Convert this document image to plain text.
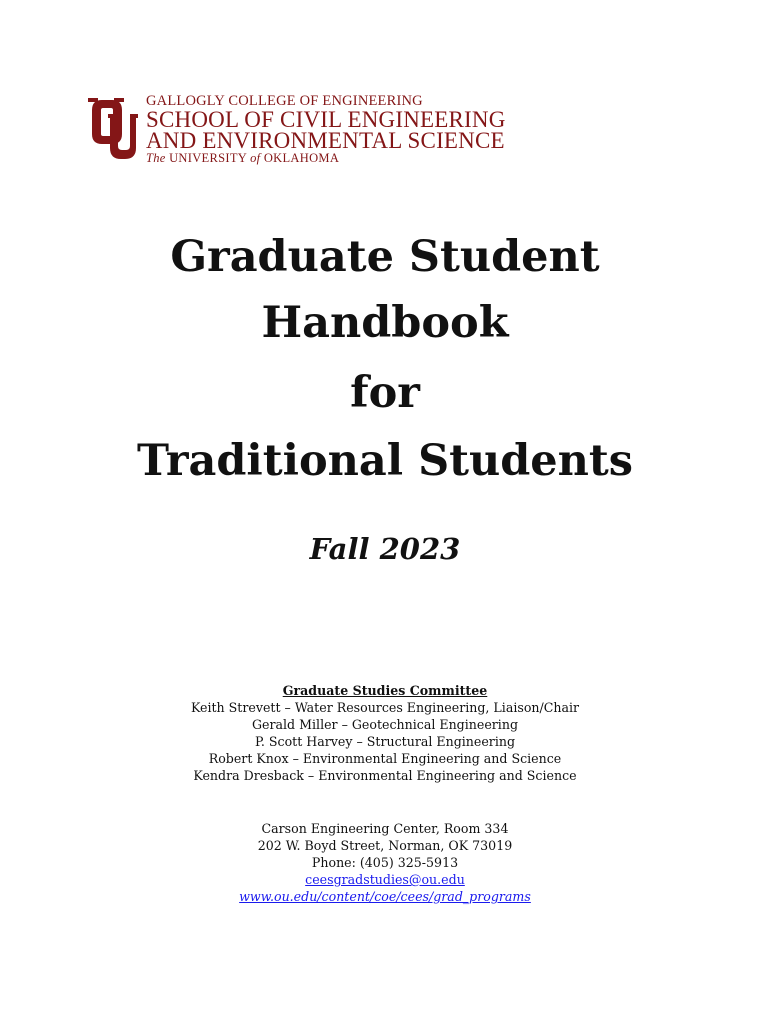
GALLOGLY COLLEGE OF ENGINEERING
SCHOOL OF CIVIL ENGINEERING
AND ENVIRONMENTAL SCIENCE
The UNIVERSITY of OKLAHOMA
Graduate Student
Handbook
for
Traditional Students
Fall 2023
Graduate Studies Committee
Keith Strevett – Water Resources Engineering, Liaison/Chair
Gerald Miller – Geotechnical Engineering
P. Scott Harvey – Structural Engineering
Robert Knox – Environmental Engineering and Science
Kendra Dresback – Environmental Engineering and Science
Carson Engineering Center, Room 334
202 W. Boyd Street, Norman, OK 73019
Phone: (405) 325-5913
ceesgradstudies@ou.edu
www.ou.edu/content/coe/cees/grad_programs
